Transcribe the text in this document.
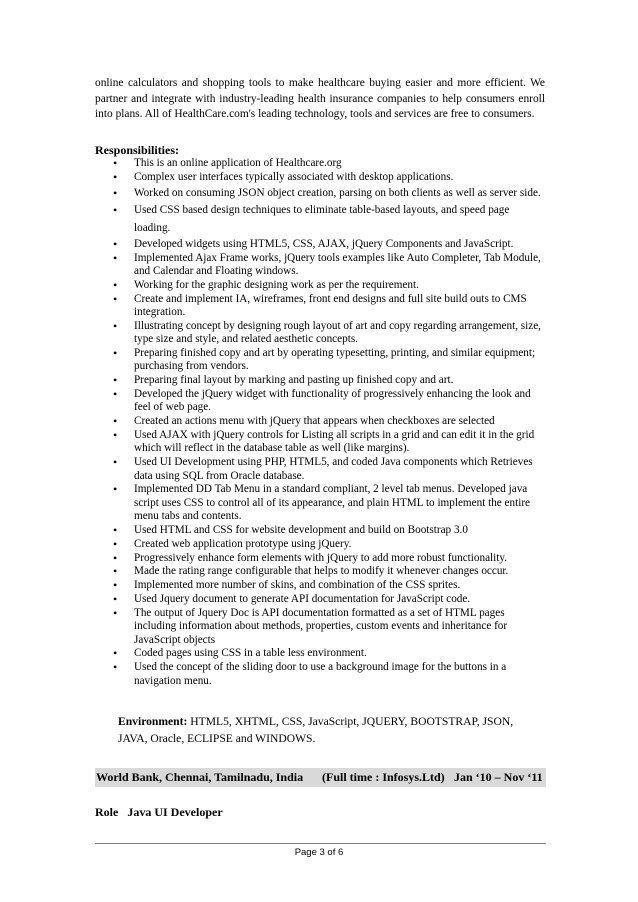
online calculators and shopping tools to make healthcare buying easier and more efficient. We partner and integrate with industry-leading health insurance companies to help consumers enroll into plans. All of HealthCare.com's leading technology, tools and services are free to consumers.
Responsibilities:
•	This is an online application of Healthcare.org
•	Complex user interfaces typically associated with desktop applications.
•	Worked on consuming JSON object creation, parsing on both clients as well as server side.
•	Used CSS based design techniques to eliminate table-based layouts, and speed page loading.
•	Developed widgets using HTML5, CSS, AJAX, jQuery Components and JavaScript.
•	Implemented Ajax Frame works, jQuery tools examples like Auto Completer, Tab Module, and Calendar and Floating windows.
•	Working for the graphic designing work as per the requirement.
•	Create and implement IA, wireframes, front end designs and full site build outs to CMS integration.
•	Illustrating concept by designing rough layout of art and copy regarding arrangement, size, type size and style, and related aesthetic concepts.
•	Preparing finished copy and art by operating typesetting, printing, and similar equipment; purchasing from vendors.
•	Preparing final layout by marking and pasting up finished copy and art.
•	Developed the jQuery widget with functionality of progressively enhancing the look and feel of web page.
•	Created an actions menu with jQuery that appears when checkboxes are selected
•	Used AJAX with jQuery controls for Listing all scripts in a grid and can edit it in the grid which will reflect in the database table as well (like margins).
•	Used UI Development using PHP, HTML5, and coded Java components which Retrieves data using SQL from Oracle database.
•	Implemented DD Tab Menu in a standard compliant, 2 level tab menus. Developed java script uses CSS to control all of its appearance, and plain HTML to implement the entire menu tabs and contents.
•	Used HTML and CSS for website development and build on Bootstrap 3.0
•	Created web application prototype using jQuery.
•	Progressively enhance form elements with jQuery to add more robust functionality.
•	Made the rating range configurable that helps to modify it whenever changes occur.
•	Implemented more number of skins, and combination of the CSS sprites.
•	Used Jquery document to generate API documentation for JavaScript code.
•	The output of Jquery Doc is API documentation formatted as a set of HTML pages including information about methods, properties, custom events and inheritance for JavaScript objects
•	Coded pages using CSS in a table less environment.
•	Used the concept of the sliding door to use a background image for the buttons in a navigation menu.
Environment: HTML5, XHTML, CSS, JavaScript, JQUERY, BOOTSTRAP, JSON, JAVA, Oracle, ECLIPSE and WINDOWS.
World Bank, Chennai, Tamilnadu, India (Full time : Infosys.Ltd) Jan ‘10 – Nov ‘11
Role   Java UI Developer
Page 3 of 6
